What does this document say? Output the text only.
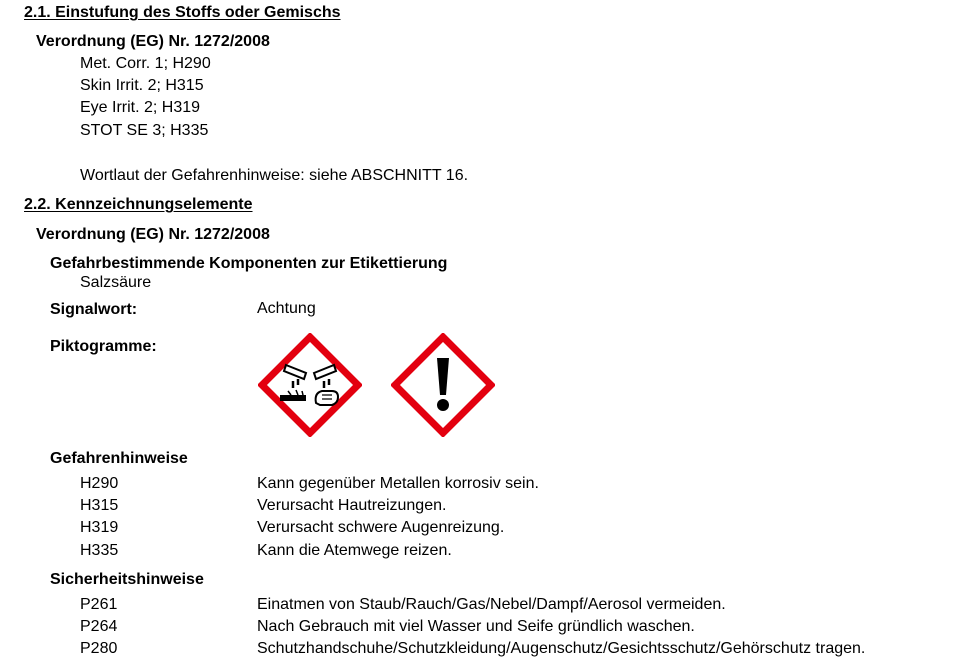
2.1. Einstufung des Stoffs oder Gemischs
Verordnung (EG) Nr. 1272/2008
Met. Corr. 1; H290
Skin Irrit. 2; H315
Eye Irrit. 2; H319
STOT SE 3; H335
Wortlaut der Gefahrenhinweise: siehe ABSCHNITT 16.
2.2. Kennzeichnungselemente
Verordnung (EG) Nr. 1272/2008
Gefahrbestimmende Komponenten zur Etikettierung
Salzsäure
Signalwort:	Achtung
Piktogramme:
Gefahrenhinweise
H290	Kann gegenüber Metallen korrosiv sein.
H315	Verursacht Hautreizungen.
H319	Verursacht schwere Augenreizung.
H335	Kann die Atemwege reizen.
Sicherheitshinweise
P261	Einatmen von Staub/Rauch/Gas/Nebel/Dampf/Aerosol vermeiden.
P264	Nach Gebrauch mit viel Wasser und Seife gründlich waschen.
P280	Schutzhandschuhe/Schutzkleidung/Augenschutz/Gesichtsschutz/Gehörschutz tragen.
